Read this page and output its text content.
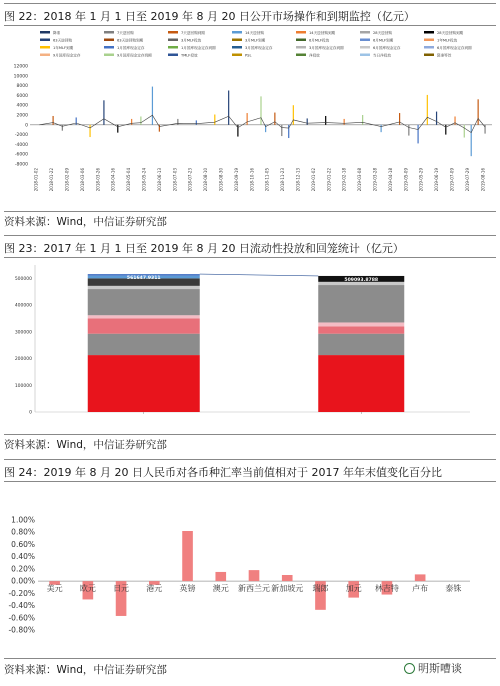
图 22：2018 年 1 月 1 日至 2019 年 8 月 20 日公开市场操作和到期监控（亿元）
降准	7天逆回购	7天逆回购到期	14天逆回购	14天逆回购到期	28天逆回购	28天逆回购到期
63天逆回购	63天逆回购到期	3月MLF投放	3月MLF到期	6月MLF投放	6月MLF到期	1年MLF投放
1年MLF到期	1月国库现金定存	1月国库现金定存到期	3月国库现金定存	3月国库现金定存到期	6月国库现金定存	6月国库现金定存到期
9月国库现金定存	9月国库现金定存到期	TMLF投放	PSL	净投放	当日净投放	降准等效
12000
10000
8000
6000
4000
2000
0
-2000
-4000
-6000
-8000
2018-01-02	2018-01-22	2018-02-09	2018-03-06	2018-03-26	2018-04-16	2018-05-04	2018-05-24	2018-06-13	2018-07-03	2018-07-23	2018-08-10	2018-08-30	2018-09-19	2018-10-16	2018-11-05	2018-11-23	2018-12-13	2019-01-02	2019-01-22	2019-02-18	2019-03-08	2019-03-28	2019-04-18	2019-05-09	2019-05-29	2019-06-19	2019-07-09	2019-07-29	2019-08-16
资料来源：Wind，中信证券研究部
图 23：2017 年 1 月 1 日至 2019 年 8 月 20 日流动性投放和回笼统计（亿元）
0
100000
200000
300000
400000
500000	561647.9311	509093.8788
资料来源：Wind，中信证券研究部
图 24：2019 年 8 月 20 日人民币对各币种汇率当前值相对于 2017 年年末值变化百分比
1.00%
0.80%
0.60%
0.40%
0.20%
0.00%
-0.20%
-0.40%
-0.60%
-0.80%
美元 欧元 日元 港元 英镑 澳元 新西兰元 新加坡元 瑞郎 加元 林吉特 卢布 泰铢
资料来源：Wind，中信证券研究部	明斯嘈谈
